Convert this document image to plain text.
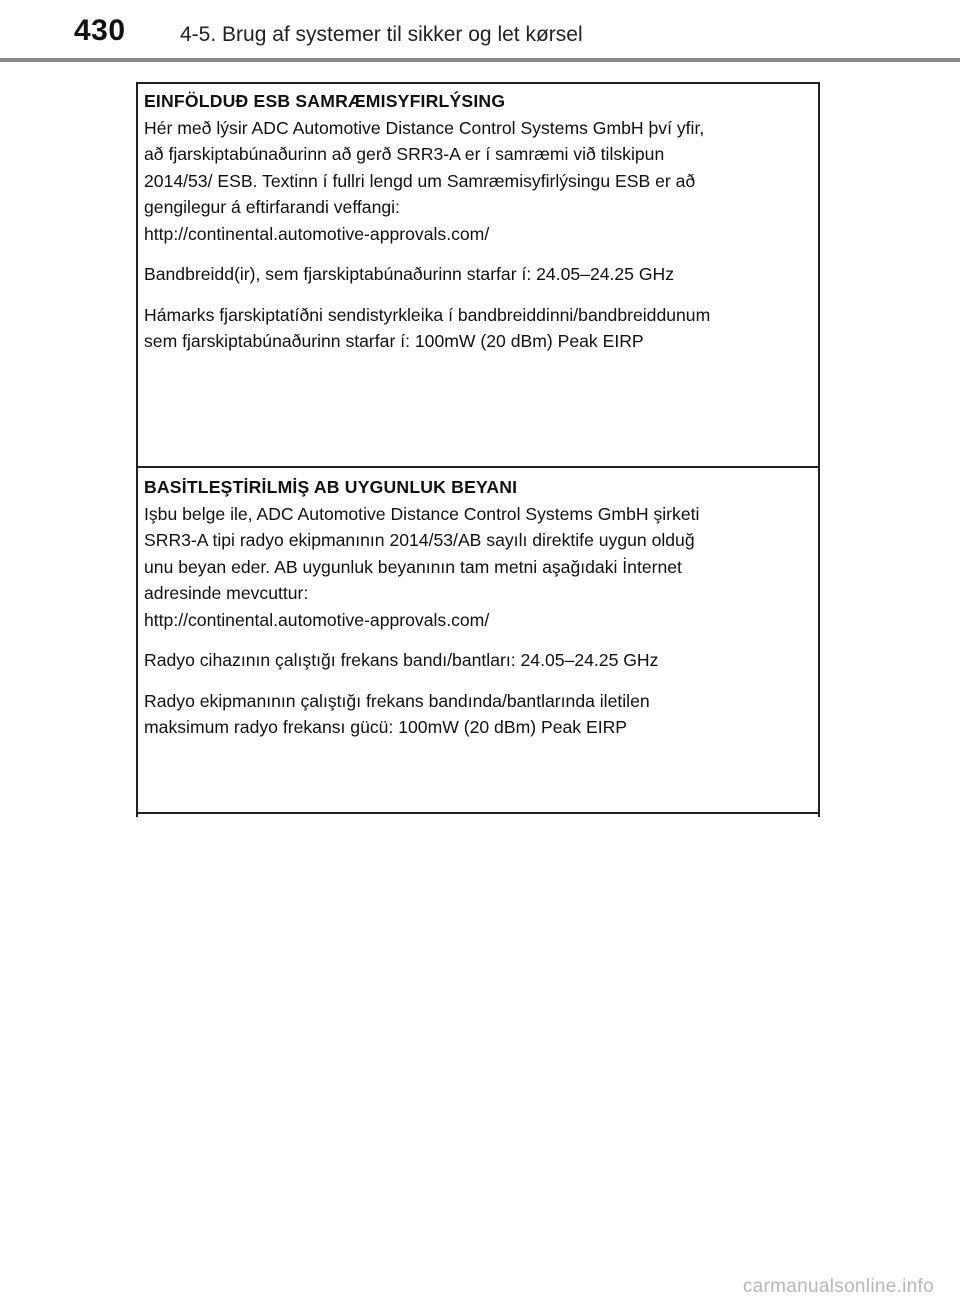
430	4-5. Brug af systemer til sikker og let kørsel
EINFÖLDUÐ ESB SAMRÆMISYFIRLÝSING
Hér með lýsir ADC Automotive Distance Control Systems GmbH því yfir,
að fjarskiptabúnaðurinn að gerð SRR3-A er í samræmi við tilskipun
2014/53/ ESB. Textinn í fullri lengd um Samræmisyfirlýsingu ESB er að
gengilegur á eftirfarandi veffangi:
http://continental.automotive-approvals.com/
Bandbreidd(ir), sem fjarskiptabúnaðurinn starfar í: 24.05–24.25 GHz
Hámarks fjarskiptatíðni sendistyrkleika í bandbreiddinni/bandbreiddunum
sem fjarskiptabúnaðurinn starfar í: 100mW (20 dBm) Peak EIRP
BASİTLEŞTİRİLMİŞ AB UYGUNLUK BEYANI
Işbu belge ile, ADC Automotive Distance Control Systems GmbH şirketi
SRR3-A tipi radyo ekipmanının 2014/53/AB sayılı direktife uygun olduğ
unu beyan eder. AB uygunluk beyanının tam metni aşağıdaki İnternet
adresinde mevcuttur:
http://continental.automotive-approvals.com/
Radyo cihazının çalıştığı frekans bandı/bantları: 24.05–24.25 GHz
Radyo ekipmanının çalıştığı frekans bandında/bantlarında iletilen
maksimum radyo frekansı gücü: 100mW (20 dBm) Peak EIRP
carmanualsonline.info
